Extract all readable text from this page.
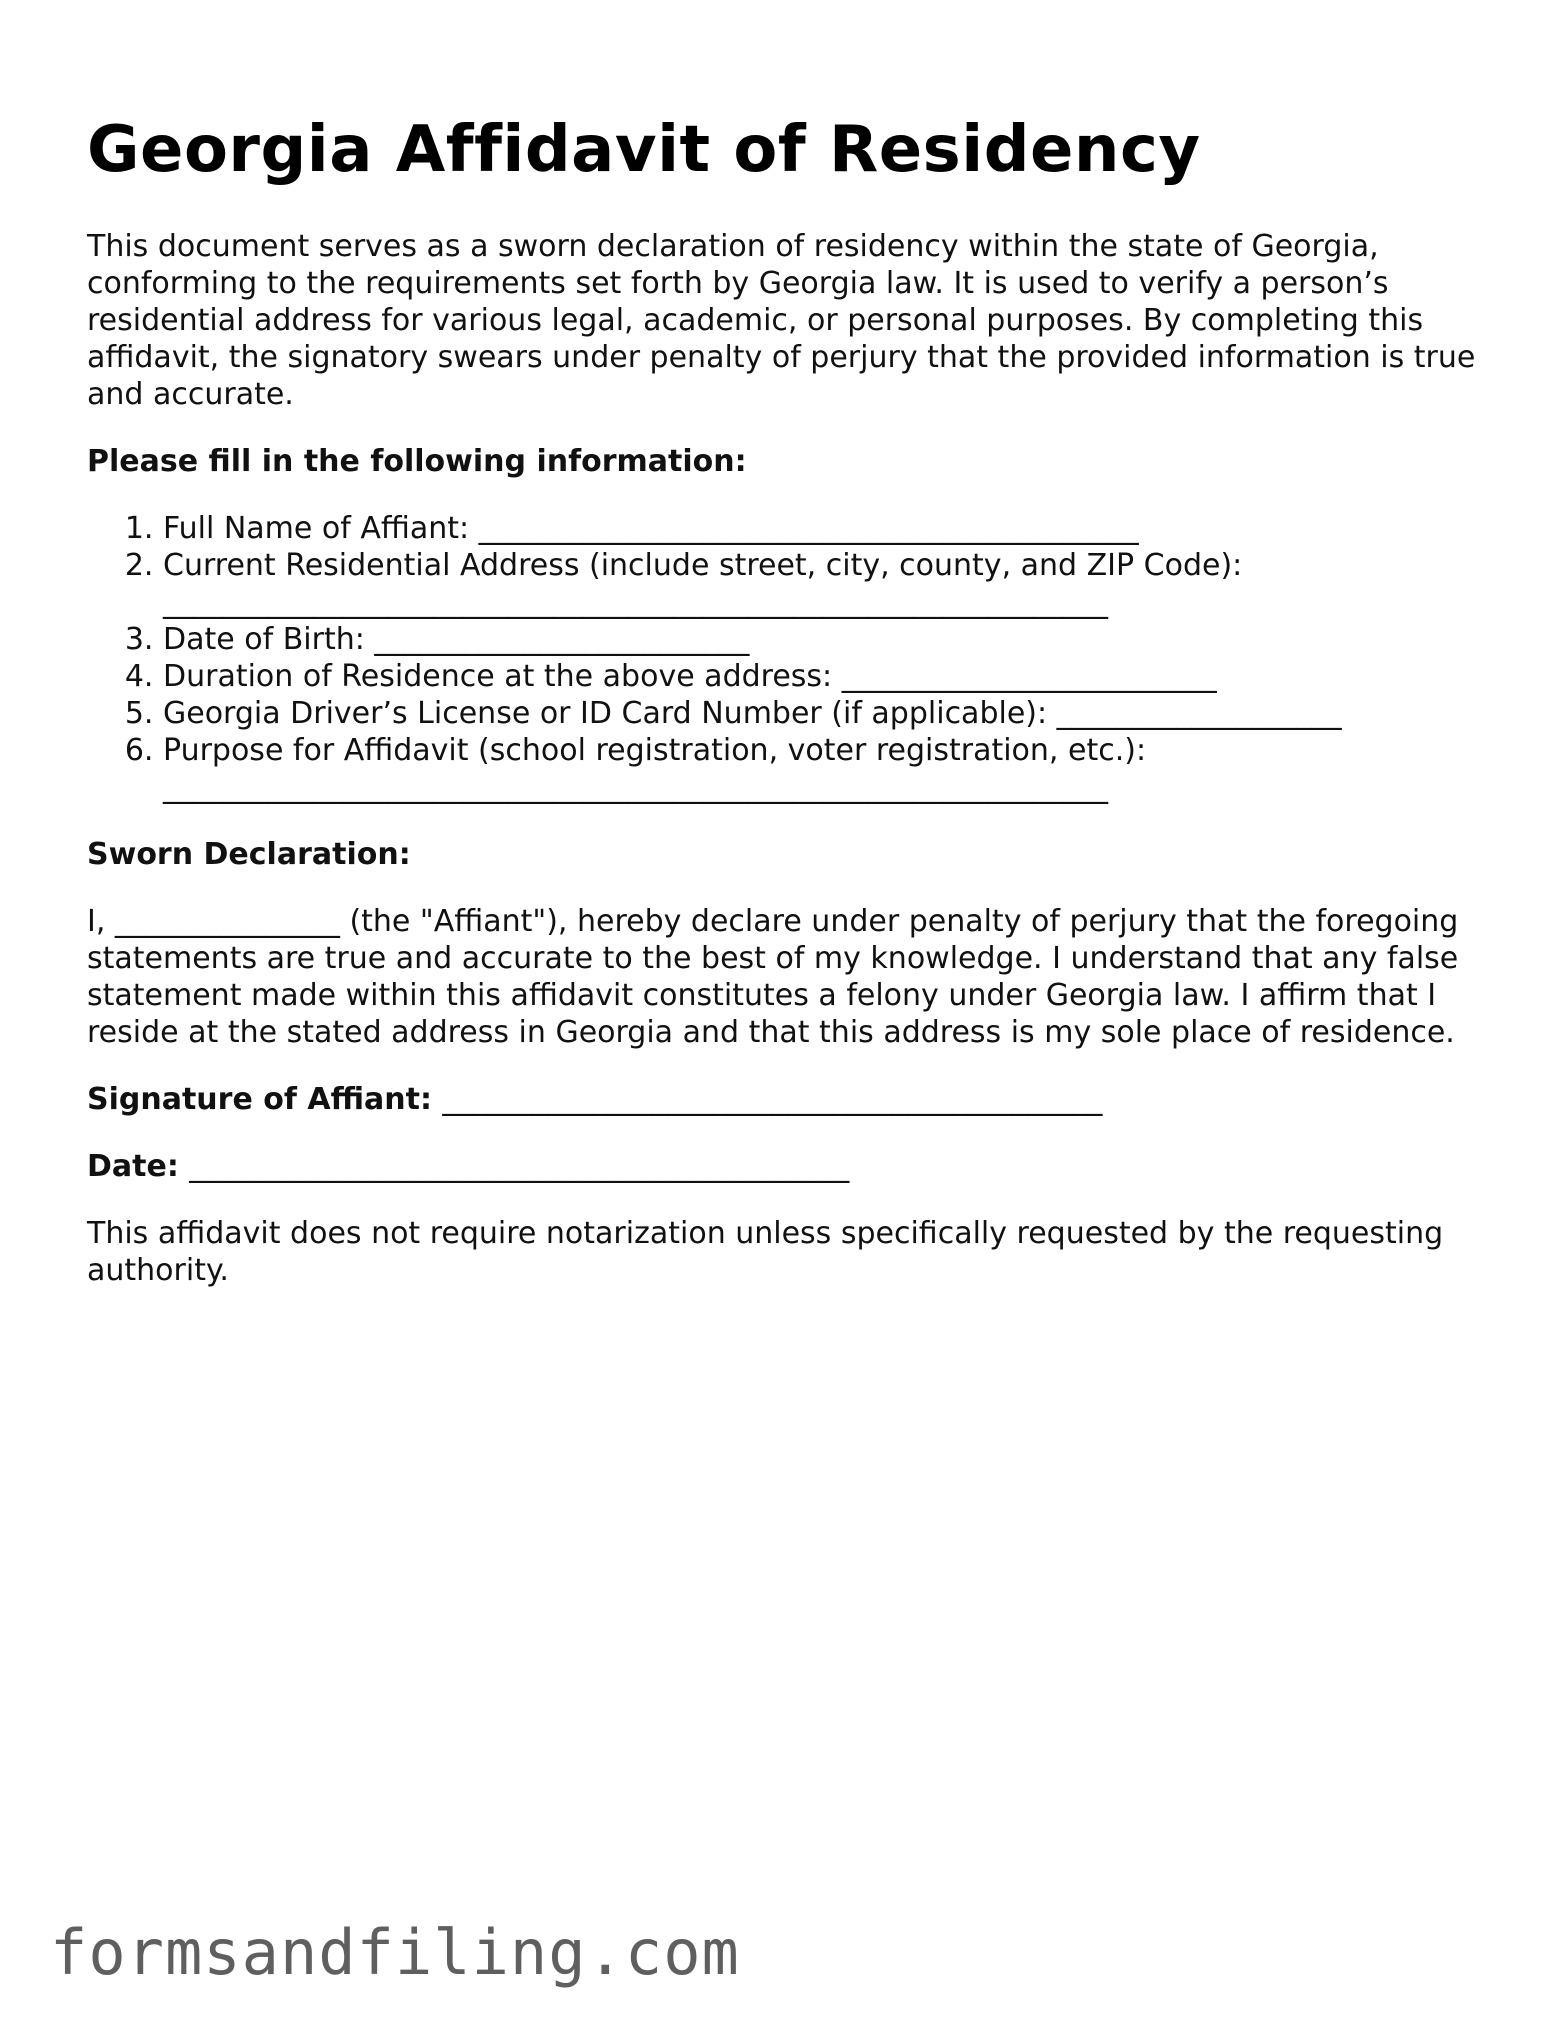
Georgia Affidavit of Residency

This document serves as a sworn declaration of residency within the state of Georgia, conforming to the requirements set forth by Georgia law. It is used to verify a person’s residential address for various legal, academic, or personal purposes. By completing this affidavit, the signatory swears under penalty of perjury that the provided information is true and accurate.

Please fill in the following information:

1. Full Name of Affiant: ____________________________________________
2. Current Residential Address (include street, city, county, and ZIP Code): _______________________________________________________________
3. Date of Birth: _________________________
4. Duration of Residence at the above address: _________________________
5. Georgia Driver’s License or ID Card Number (if applicable): ___________________
6. Purpose for Affidavit (school registration, voter registration, etc.): _______________________________________________________________

Sworn Declaration:

I, _______________ (the "Affiant"), hereby declare under penalty of perjury that the foregoing statements are true and accurate to the best of my knowledge. I understand that any false statement made within this affidavit constitutes a felony under Georgia law. I affirm that I reside at the stated address in Georgia and that this address is my sole place of residence.

Signature of Affiant: ____________________________________________

Date: ____________________________________________

This affidavit does not require notarization unless specifically requested by the requesting authority.

formsandfiling.com
